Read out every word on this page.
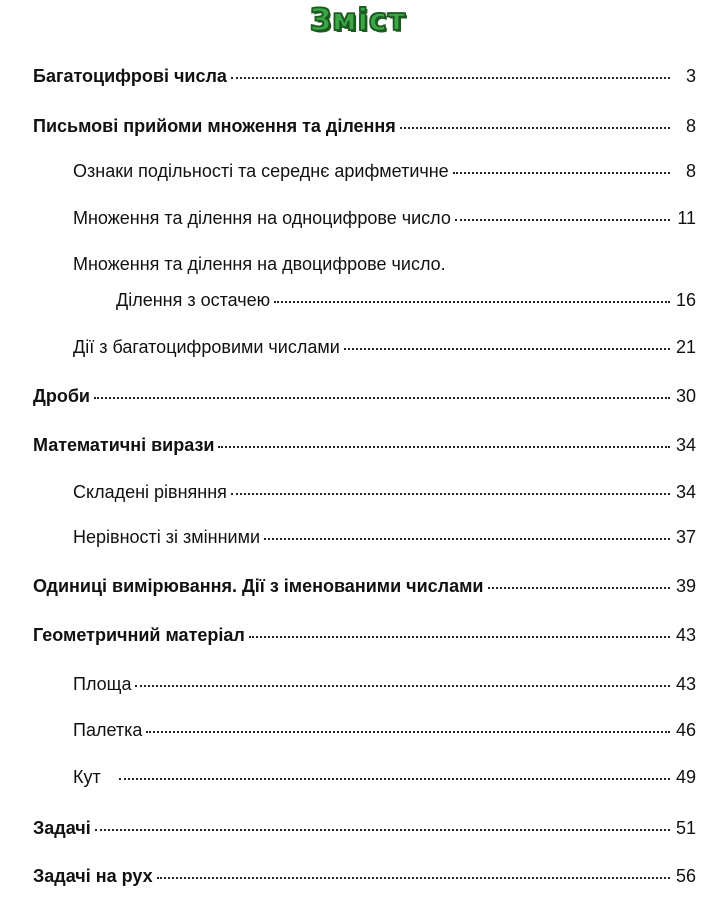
Зміст
Багатоцифрові числа	3
Письмові прийоми множення та ділення	8
Ознаки подільності та середнє арифметичне	8
Множення та ділення на одноцифрове число	11
Множення та ділення на двоцифрове число.
Ділення з остачею	16
Дії з багатоцифровими числами	21
Дроби	30
Математичні вирази	34
Складені рівняння	34
Нерівності зі змінними	37
Одиниці вимірювання. Дії з іменованими числами	39
Геометричний матеріал	43
Площа	43
Палетка	46
Кут	49
Задачі	51
Задачі на рух	56
